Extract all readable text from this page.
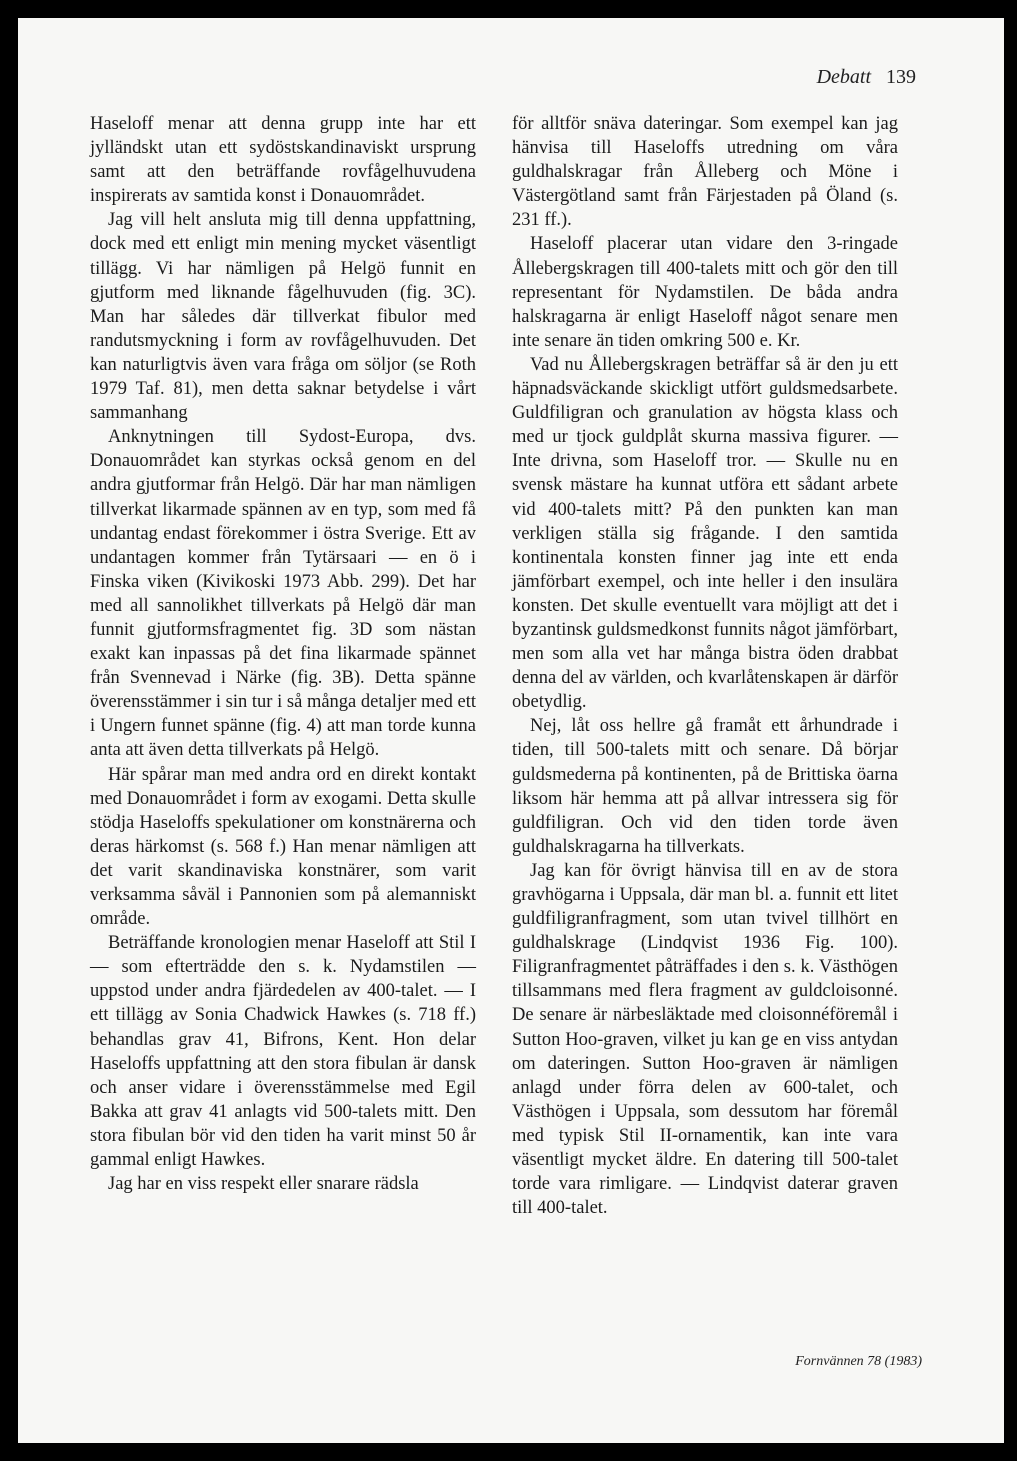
Debatt 139

Haseloff menar att denna grupp inte har ett jylländskt utan ett sydöstskandinaviskt ursprung samt att den beträffande rovfågelhuvudena inspirerats av samtida konst i Donauområdet.

Jag vill helt ansluta mig till denna uppfattning, dock med ett enligt min mening mycket väsentligt tillägg. Vi har nämligen på Helgö funnit en gjutform med liknande fågelhuvuden (fig. 3C). Man har således där tillverkat fibulor med randutsmyckning i form av rovfågelhuvuden. Det kan naturligtvis även vara fråga om söljor (se Roth 1979 Taf. 81), men detta saknar betydelse i vårt sammanhang

Anknytningen till Sydost-Europa, dvs. Donauområdet kan styrkas också genom en del andra gjutformar från Helgö. Där har man nämligen tillverkat likarmade spännen av en typ, som med få undantag endast förekommer i östra Sverige. Ett av undantagen kommer från Tytärsaari — en ö i Finska viken (Kivikoski 1973 Abb. 299). Det har med all sannolikhet tillverkats på Helgö där man funnit gjutformsfragmentet fig. 3D som nästan exakt kan inpassas på det fina likarmade spännet från Svennevad i Närke (fig. 3B). Detta spänne överensstämmer i sin tur i så många detaljer med ett i Ungern funnet spänne (fig. 4) att man torde kunna anta att även detta tillverkats på Helgö.

Här spårar man med andra ord en direkt kontakt med Donauområdet i form av exogami. Detta skulle stödja Haseloffs spekulationer om konstnärerna och deras härkomst (s. 568 f.) Han menar nämligen att det varit skandinaviska konstnärer, som varit verksamma såväl i Pannonien som på alemanniskt område.

Beträffande kronologien menar Haseloff att Stil I — som efterträdde den s. k. Nydamstilen — uppstod under andra fjärdedelen av 400-talet. — I ett tillägg av Sonia Chadwick Hawkes (s. 718 ff.) behandlas grav 41, Bifrons, Kent. Hon delar Haseloffs uppfattning att den stora fibulan är dansk och anser vidare i överensstämmelse med Egil Bakka att grav 41 anlagts vid 500-talets mitt. Den stora fibulan bör vid den tiden ha varit minst 50 år gammal enligt Hawkes.

Jag har en viss respekt eller snarare rädsla

för alltför snäva dateringar. Som exempel kan jag hänvisa till Haseloffs utredning om våra guldhalskragar från Ålleberg och Möne i Västergötland samt från Färjestaden på Öland (s. 231 ff.).

Haseloff placerar utan vidare den 3-ringade Ållebergskragen till 400-talets mitt och gör den till representant för Nydamstilen. De båda andra halskragarna är enligt Haseloff något senare men inte senare än tiden omkring 500 e. Kr.

Vad nu Ållebergskragen beträffar så är den ju ett häpnadsväckande skickligt utfört guldsmedsarbete. Guldfiligran och granulation av högsta klass och med ur tjock guldplåt skurna massiva figurer. — Inte drivna, som Haseloff tror. — Skulle nu en svensk mästare ha kunnat utföra ett sådant arbete vid 400-talets mitt? På den punkten kan man verkligen ställa sig frågande. I den samtida kontinentala konsten finner jag inte ett enda jämförbart exempel, och inte heller i den insulära konsten. Det skulle eventuellt vara möjligt att det i byzantinsk guldsmedkonst funnits något jämförbart, men som alla vet har många bistra öden drabbat denna del av världen, och kvarlåtenskapen är därför obetydlig.

Nej, låt oss hellre gå framåt ett århundrade i tiden, till 500-talets mitt och senare. Då börjar guldsmederna på kontinenten, på de Brittiska öarna liksom här hemma att på allvar intressera sig för guldfiligran. Och vid den tiden torde även guldhalskragarna ha tillverkats.

Jag kan för övrigt hänvisa till en av de stora gravhögarna i Uppsala, där man bl. a. funnit ett litet guldfiligranfragment, som utan tvivel tillhört en guldhalskrage (Lindqvist 1936 Fig. 100). Filigranfragmentet påträffades i den s. k. Västhögen tillsammans med flera fragment av guldcloisonné. De senare är närbesläktade med cloisonnéföremål i Sutton Hoo-graven, vilket ju kan ge en viss antydan om dateringen. Sutton Hoo-graven är nämligen anlagd under förra delen av 600-talet, och Västhögen i Uppsala, som dessutom har föremål med typisk Stil II-ornamentik, kan inte vara väsentligt mycket äldre. En datering till 500-talet torde vara rimligare. — Lindqvist daterar graven till 400-talet.

Fornvännen 78 (1983)
